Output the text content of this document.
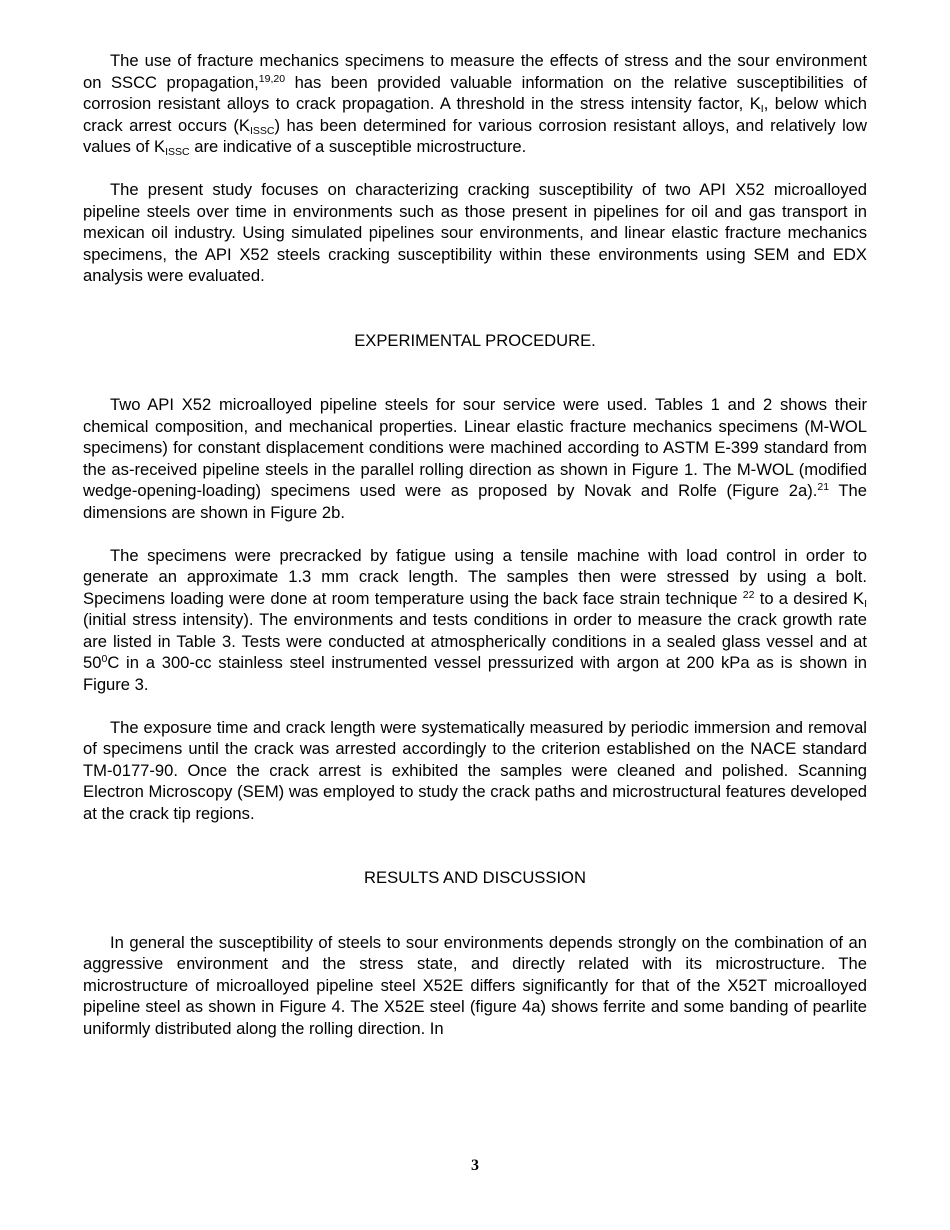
The use of fracture mechanics specimens to measure the effects of stress and the sour environment on SSCC propagation,$^{19,20}$ has been provided valuable information on the relative susceptibilities of corrosion resistant alloys to crack propagation. A threshold in the stress intensity factor, $K_I$, below which crack arrest occurs $(K_{ISSC})$ has been determined for various corrosion resistant alloys, and relatively low values of $K_{ISSC}$ are indicative of a susceptible microstructure.

The present study focuses on characterizing cracking susceptibility of two API X52 microalloyed pipeline steels over time in environments such as those present in pipelines for oil and gas transport in mexican oil industry. Using simulated pipelines sour environments, and linear elastic fracture mechanics specimens, the API X52 steels cracking susceptibility within these environments using SEM and EDX analysis were evaluated.

EXPERIMENTAL PROCEDURE.

Two API X52 microalloyed pipeline steels for sour service were used. Tables 1 and 2 shows their chemical composition, and mechanical properties. Linear elastic fracture mechanics specimens (M-WOL specimens) for constant displacement conditions were machined according to ASTM E-399 standard from the as-received pipeline steels in the parallel rolling direction as shown in Figure 1. The M-WOL (modified wedge-opening-loading) specimens used were as proposed by Novak and Rolfe (Figure 2a).$^{21}$ The dimensions are shown in Figure 2b.

The specimens were precracked by fatigue using a tensile machine with load control in order to generate an approximate 1.3 mm crack length. The samples then were stressed by using a bolt. Specimens loading were done at room temperature using the back face strain technique $^{22}$ to a desired $K_I$ (initial stress intensity). The environments and tests conditions in order to measure the crack growth rate are listed in Table 3. Tests were conducted at atmospherically conditions in a sealed glass vessel and at $50^0C$ in a 300-cc stainless steel instrumented vessel pressurized with argon at 200 kPa as is shown in Figure 3.

The exposure time and crack length were systematically measured by periodic immersion and removal of specimens until the crack was arrested accordingly to the criterion established on the NACE standard TM-0177-90. Once the crack arrest is exhibited the samples were cleaned and polished. Scanning Electron Microscopy (SEM) was employed to study the crack paths and microstructural features developed at the crack tip regions.

RESULTS AND DISCUSSION

In general the susceptibility of steels to sour environments depends strongly on the combination of an aggressive environment and the stress state, and directly related with its microstructure. The microstructure of microalloyed pipeline steel X52E differs significantly for that of the X52T microalloyed pipeline steel as shown in Figure 4. The X52E steel (figure 4a) shows ferrite and some banding of pearlite uniformly distributed along the rolling direction. In

3
